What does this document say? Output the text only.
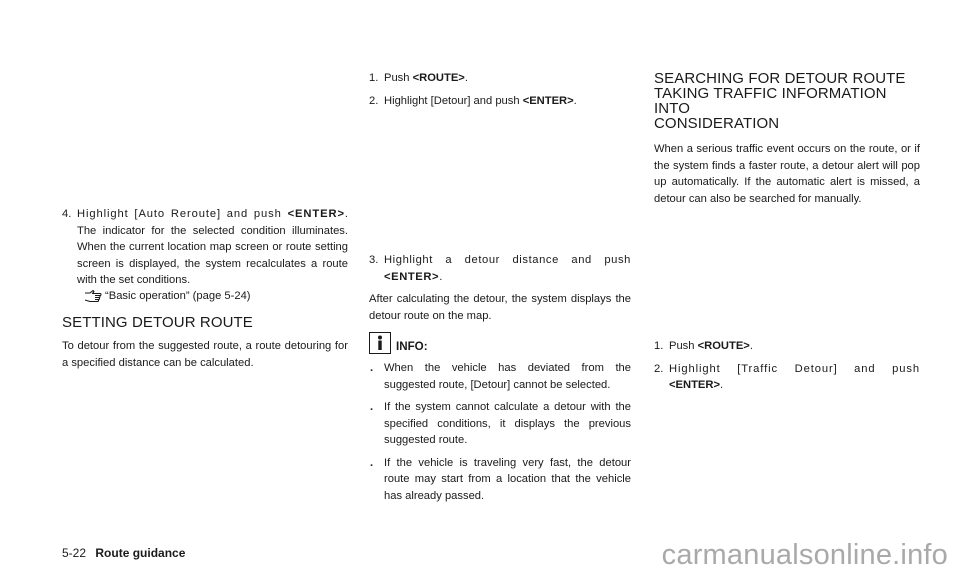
4. Highlight [Auto Reroute] and push <ENTER>. The indicator for the selected condition illuminates. When the current location map screen or route setting screen is displayed, the system recalculates a route with the set conditions.

“Basic operation” (page 5-24)
SETTING DETOUR ROUTE

To detour from the suggested route, a route detouring for a specified distance can be calculated.

1. Push <ROUTE>.

2. Highlight [Detour] and push <ENTER>.

3. Highlight a detour distance and push <ENTER>.

After calculating the detour, the system displays the detour route on the map.

INFO:
. When the vehicle has deviated from the suggested route, [Detour] cannot be selected.

. If the system cannot calculate a detour with the specified conditions, it displays the previous suggested route.

. If the vehicle is traveling very fast, the detour route may start from a location that the vehicle has already passed.

SEARCHING FOR DETOUR ROUTE
TAKING TRAFFIC INFORMATION INTO
CONSIDERATION

When a serious traffic event occurs on the route, or if the system finds a faster route, a detour alert will pop up automatically. If the automatic alert is missed, a detour can also be searched for manually.

1. Push <ROUTE>.

2. Highlight [Traffic Detour] and push <ENTER>.

5-22 Route guidance	carmanualsonline.info
